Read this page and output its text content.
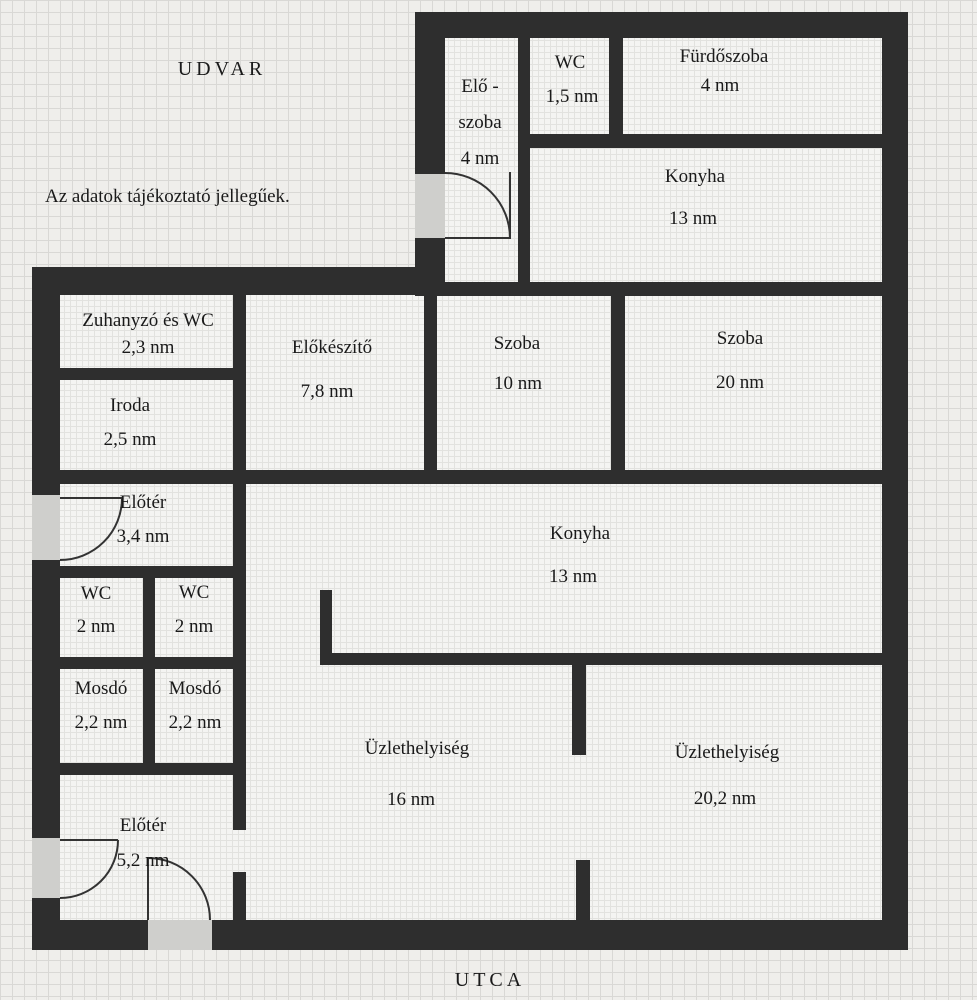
UDVAR
UTCA
Az adatok tájékoztató jellegűek.
Elő -
szoba
4 nm
WC
1,5 nm
Fürdőszoba
4 nm
Konyha
13 nm
Zuhanyzó és WC
2,3 nm	Előkészítő
7,8 nm
Szoba
10 nm
Szoba
20 nm
Iroda
2,5 nm
Előtér
3,4 nm	Konyha
13 nm
WC
2 nm
WC
2 nm
Mosdó
2,2 nm
Mosdó
2,2 nm
Üzlethelyiség
16 nm
Üzlethelyiség
20,2 nm
Előtér
5,2 nm
